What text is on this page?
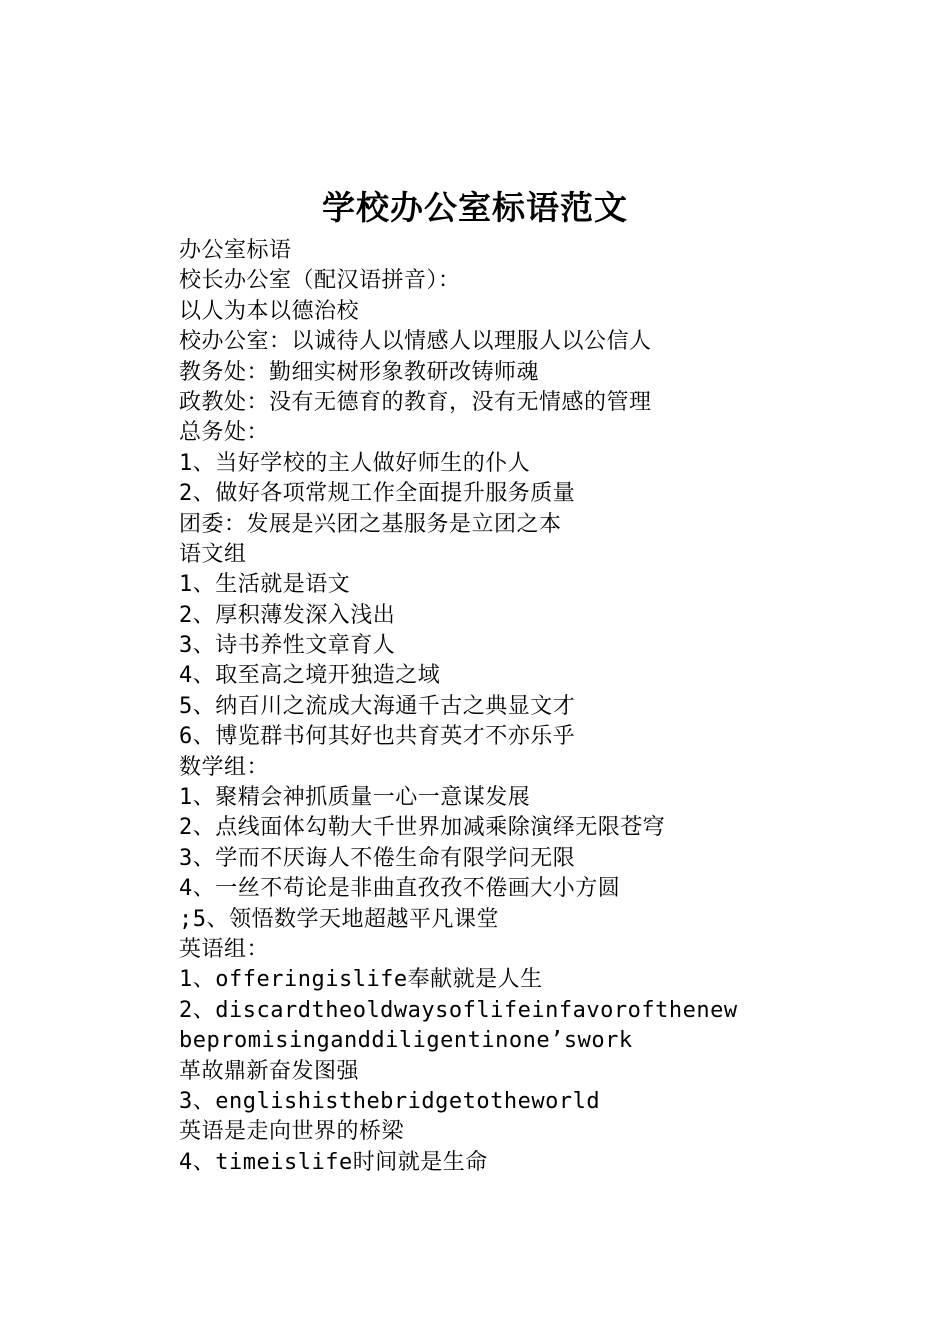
学校办公室标语范文
办公室标语
校长办公室（配汉语拼音）：
以人为本以德治校
校办公室：以诚待人以情感人以理服人以公信人
教务处：勤细实树形象教研改铸师魂
政教处：没有无德育的教育，没有无情感的管理
总务处：
1、当好学校的主人做好师生的仆人
2、做好各项常规工作全面提升服务质量
团委：发展是兴团之基服务是立团之本
语文组
1、生活就是语文
2、厚积薄发深入浅出
3、诗书养性文章育人
4、取至高之境开独造之域
5、纳百川之流成大海通千古之典显文才
6、博览群书何其好也共育英才不亦乐乎
数学组：
1、聚精会神抓质量一心一意谋发展
2、点线面体勾勒大千世界加减乘除演绎无限苍穹
3、学而不厌诲人不倦生命有限学问无限
4、一丝不苟论是非曲直孜孜不倦画大小方圆
;5、领悟数学天地超越平凡课堂
英语组：
1、offeringislife奉献就是人生
2、discardtheoldwaysoflifeinfavorofthenew
bepromisinganddiligentinone’swork
革故鼎新奋发图强
3、englishisthebridgetotheworld
英语是走向世界的桥梁
4、timeislife时间就是生命
